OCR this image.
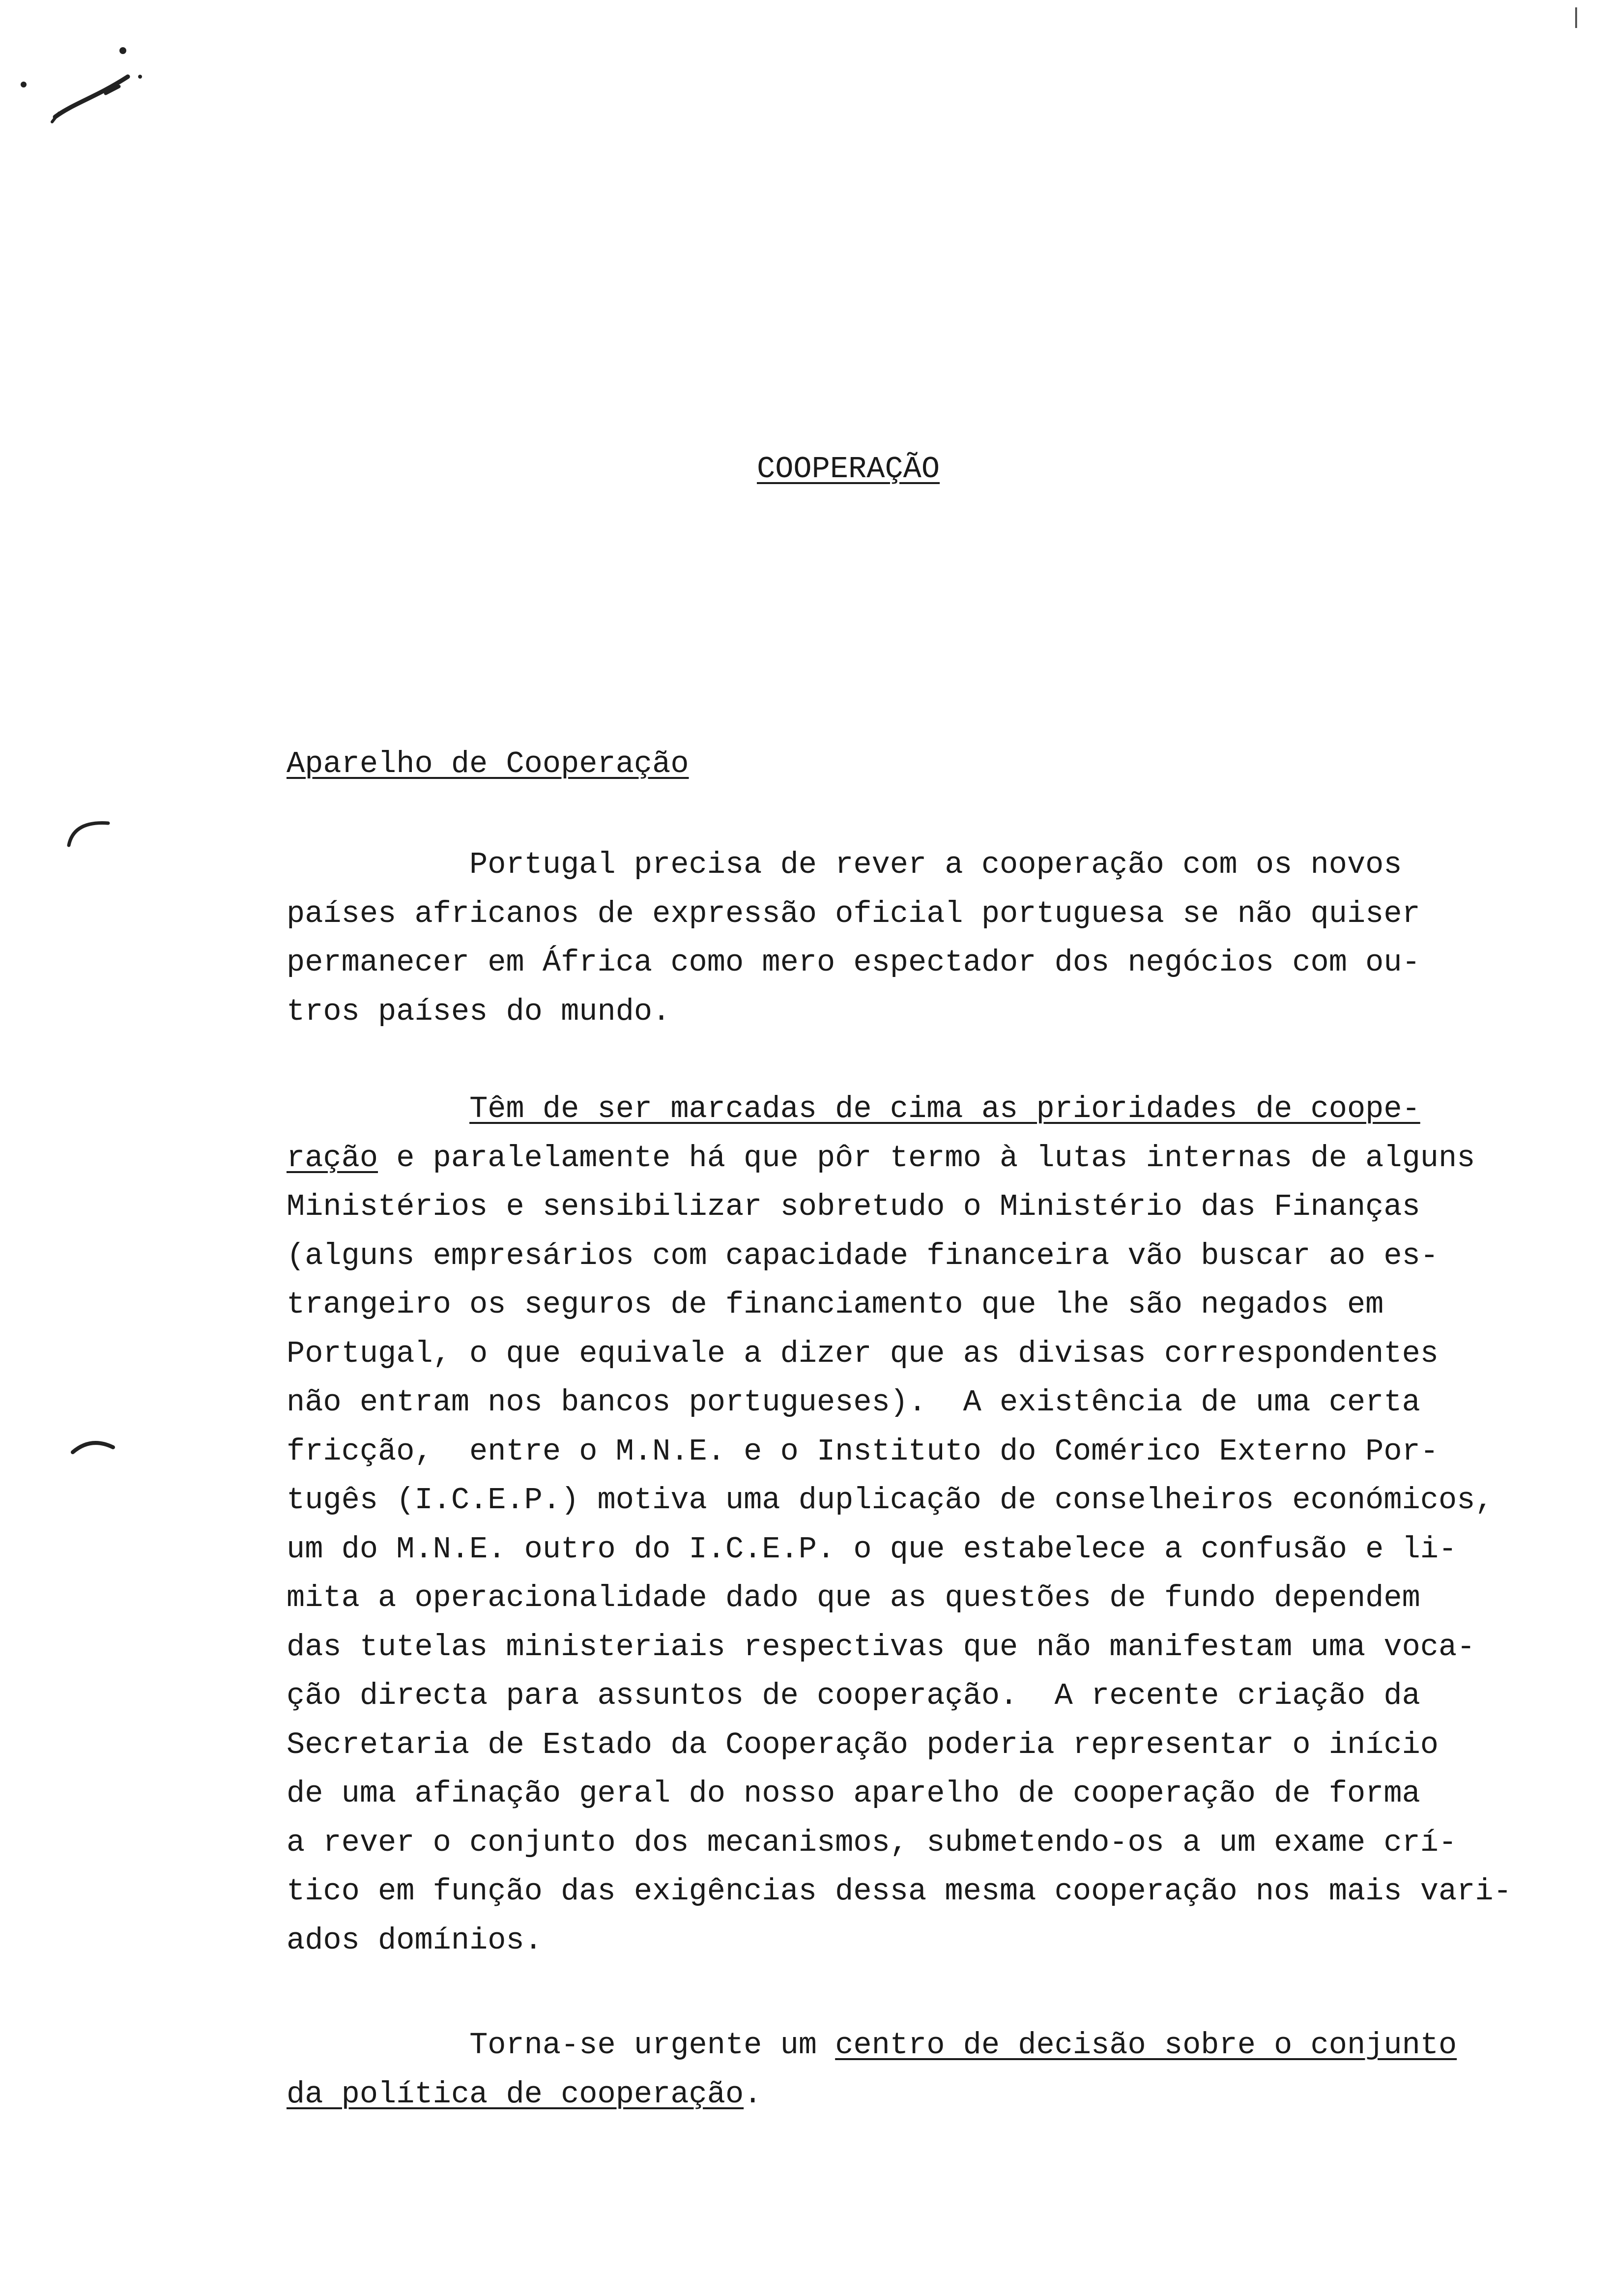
COOPERAÇÃO
Aparelho de Cooperação

Portugal precisa de rever a cooperação com os novos
países africanos de expressão oficial portuguesa se não quiser
permanecer em África como mero espectador dos negócios com ou-
tros países do mundo.

Têm de ser marcadas de cima as prioridades de coope-
ração e paralelamente há que pôr termo à lutas internas de alguns
Ministérios e sensibilizar sobretudo o Ministério das Finanças
(alguns empresários com capacidade financeira vão buscar ao es-
trangeiro os seguros de financiamento que lhe são negados em
Portugal, o que equivale a dizer que as divisas correspondentes
não entram nos bancos portugueses).  A existência de uma certa
fricção,  entre o M.N.E. e o Instituto do Comérico Externo Por-
tugês (I.C.E.P.) motiva uma duplicação de conselheiros económicos,
um do M.N.E. outro do I.C.E.P. o que estabelece a confusão e li-
mita a operacionalidade dado que as questões de fundo dependem
das tutelas ministeriais respectivas que não manifestam uma voca-
ção directa para assuntos de cooperação.  A recente criação da
Secretaria de Estado da Cooperação poderia representar o início
de uma afinação geral do nosso aparelho de cooperação de forma
a rever o conjunto dos mecanismos, submetendo-os a um exame crí-
tico em função das exigências dessa mesma cooperação nos mais vari-
ados domínios.

Torna-se urgente um centro de decisão sobre o conjunto
da política de cooperação.
